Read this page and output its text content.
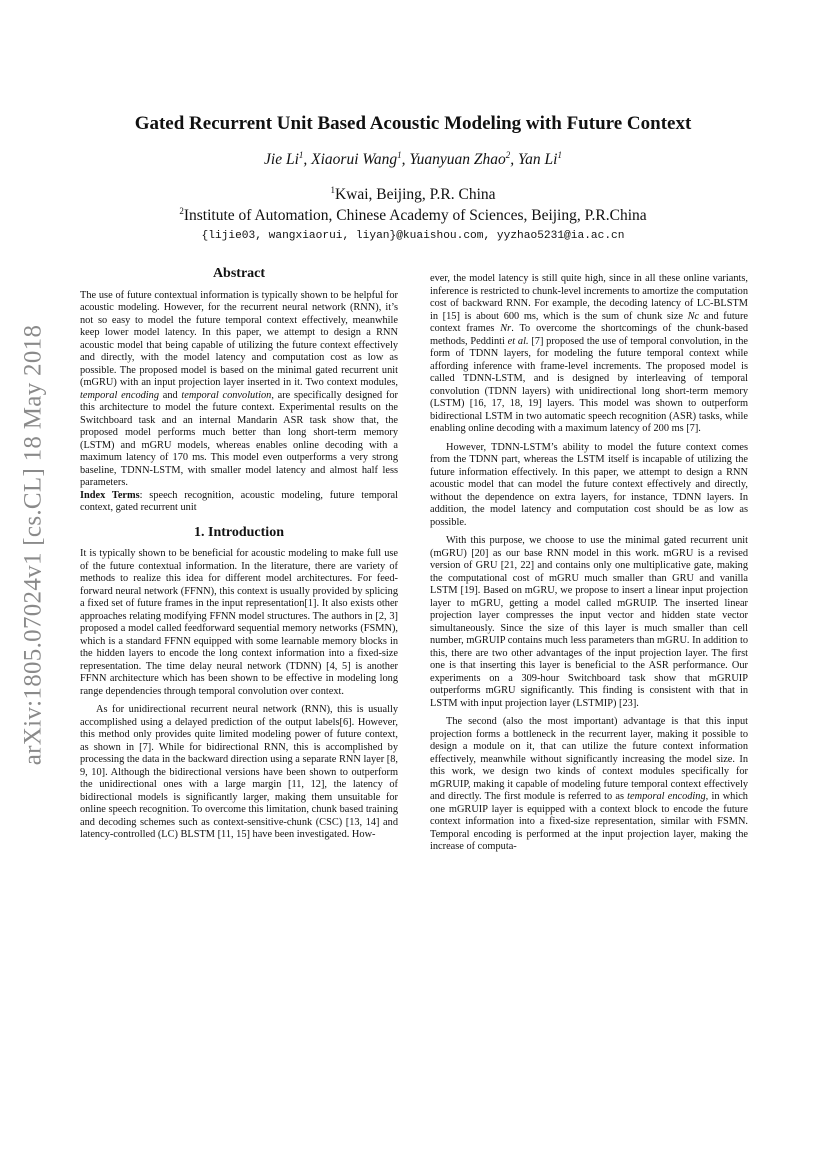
arXiv:1805.07024v1 [cs.CL] 18 May 2018
Gated Recurrent Unit Based Acoustic Modeling with Future Context
Jie Li$^1$, Xiaorui Wang$^1$, Yuanyuan Zhao$^2$, Yan Li$^1$
$^1$Kwai, Beijing, P.R. China
$^2$Institute of Automation, Chinese Academy of Sciences, Beijing, P.R.China
{lijie03, wangxiaorui, liyan}@kuaishou.com, yyzhao5231@ia.ac.cn
Abstract

The use of future contextual information is typically shown to be helpful for acoustic modeling. However, for the recurrent neural network (RNN), it’s not so easy to model the future temporal context effectively, meanwhile keep lower model latency. In this paper, we attempt to design a RNN acoustic model that being capable of utilizing the future context effectively and directly, with the model latency and computation cost as low as possible. The proposed model is based on the minimal gated recurrent unit (mGRU) with an input projection layer inserted in it. Two context modules, temporal encoding and temporal convolution, are specifically designed for this architecture to model the future context. Experimental results on the Switchboard task and an internal Mandarin ASR task show that, the proposed model performs much better than long short-term memory (LSTM) and mGRU models, whereas enables online decoding with a maximum latency of 170 ms. This model even outperforms a very strong baseline, TDNN-LSTM, with smaller model latency and almost half less parameters.

Index Terms: speech recognition, acoustic modeling, future temporal context, gated recurrent unit

1. Introduction

It is typically shown to be beneficial for acoustic modeling to make full use of the future contextual information. In the literature, there are variety of methods to realize this idea for different model architectures. For feed-forward neural network (FFNN), this context is usually provided by splicing a fixed set of future frames in the input representation[1]. It also exists other approaches relating modifying FFNN model structures. The authors in [2, 3] proposed a model called feedforward sequential memory networks (FSMN), which is a standard FFNN equipped with some learnable memory blocks in the hidden layers to encode the long context information into a fixed-size representation. The time delay neural network (TDNN) [4, 5] is another FFNN architecture which has been shown to be effective in modeling long range dependencies through temporal convolution over context.

As for unidirectional recurrent neural network (RNN), this is usually accomplished using a delayed prediction of the output labels[6]. However, this method only provides quite limited modeling power of future context, as shown in [7]. While for bidirectional RNN, this is accomplished by processing the data in the backward direction using a separate RNN layer [8, 9, 10]. Although the bidirectional versions have been shown to outperform the unidirectional ones with a large margin [11, 12], the latency of bidirectional models is significantly larger, making them unsuitable for online speech recognition. To overcome this limitation, chunk based training and decoding schemes such as context-sensitive-chunk (CSC) [13, 14] and latency-controlled (LC) BLSTM [11, 15] have been investigated. How-

ever, the model latency is still quite high, since in all these online variants, inference is restricted to chunk-level increments to amortize the computation cost of backward RNN. For example, the decoding latency of LC-BLSTM in [15] is about 600 ms, which is the sum of chunk size Nc and future context frames Nr. To overcome the shortcomings of the chunk-based methods, Peddinti et al. [7] proposed the use of temporal convolution, in the form of TDNN layers, for modeling the future temporal context while affording inference with frame-level increments. The proposed model is called TDNN-LSTM, and is designed by interleaving of temporal convolution (TDNN layers) with unidirectional long short-term memory (LSTM) [16, 17, 18, 19] layers. This model was shown to outperform bidirectional LSTM in two automatic speech recognition (ASR) tasks, while enabling online decoding with a maximum latency of 200 ms [7].

However, TDNN-LSTM’s ability to model the future context comes from the TDNN part, whereas the LSTM itself is incapable of utilizing the future information effectively. In this paper, we attempt to design a RNN acoustic model that can model the future context effectively and directly, without the dependence on extra layers, for instance, TDNN layers. In addition, the model latency and computation cost should be as low as possible.

With this purpose, we choose to use the minimal gated recurrent unit (mGRU) [20] as our base RNN model in this work. mGRU is a revised version of GRU [21, 22] and contains only one multiplicative gate, making the computational cost of mGRU much smaller than GRU and vanilla LSTM [19]. Based on mGRU, we propose to insert a linear input projection layer to mGRU, getting a model called mGRUIP. The inserted linear projection layer compresses the input vector and hidden state vector simultaneously. Since the size of this layer is much smaller than cell number, mGRUIP contains much less parameters than mGRU. In addition to this, there are two other advantages of the input projection layer. The first one is that inserting this layer is beneficial to the ASR performance. Our experiments on a 309-hour Switchboard task show that mGRUIP outperforms mGRU significantly. This finding is consistent with that in LSTM with input projection layer (LSTMIP) [23].

The second (also the most important) advantage is that this input projection forms a bottleneck in the recurrent layer, making it possible to design a module on it, that can utilize the future context information effectively, meanwhile without significantly increasing the model size. In this work, we design two kinds of context modules specifically for mGRUIP, making it capable of modeling future temporal context effectively and directly. The first module is referred to as temporal encoding, in which one mGRUIP layer is equipped with a context block to encode the future context information into a fixed-size representation, similar with FSMN. Temporal encoding is performed at the input projection layer, making the increase of computa-
